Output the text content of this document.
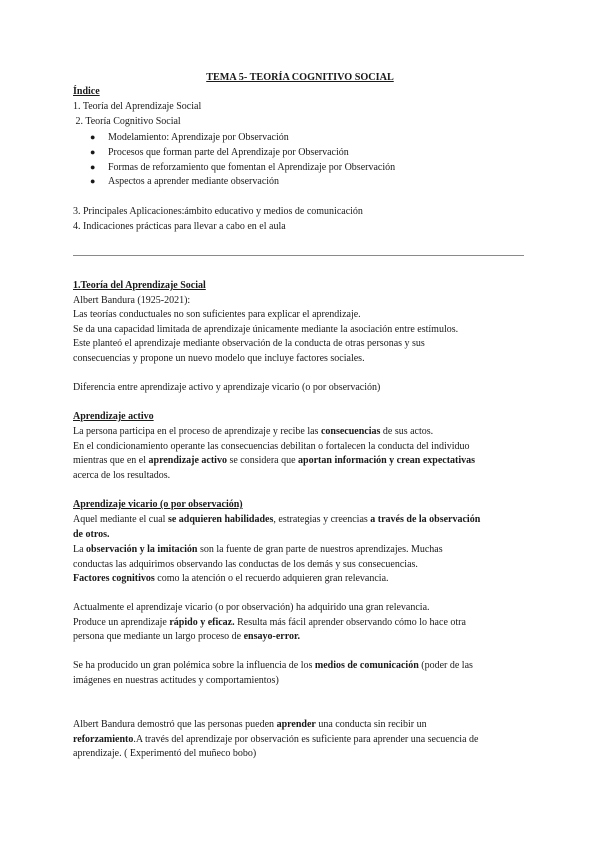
TEMA 5- TEORÍA COGNITIVO SOCIAL
Índice
1. Teoría del Aprendizaje Social
2. Teoría Cognitivo Social
● Modelamiento: Aprendizaje por Observación
● Procesos que forman parte del Aprendizaje por Observación
● Formas de reforzamiento que fomentan el Aprendizaje por Observación
● Aspectos a aprender mediante observación
3. Principales Aplicaciones:ámbito educativo y medios de comunicación
4. Indicaciones prácticas para llevar a cabo en el aula
1.Teoría del Aprendizaje Social
Albert Bandura (1925-2021):
Las teorías conductuales no son suficientes para explicar el aprendizaje.
Se da una capacidad limitada de aprendizaje únicamente mediante la asociación entre estímulos.
Este planteó el aprendizaje mediante observación de la conducta de otras personas y sus
consecuencias y propone un nuevo modelo que incluye factores sociales.
Diferencia entre aprendizaje activo y aprendizaje vicario (o por observación)
Aprendizaje activo
La persona participa en el proceso de aprendizaje y recibe las consecuencias de sus actos.
En el condicionamiento operante las consecuencias debilitan o fortalecen la conducta del individuo
mientras que en el aprendizaje activo se considera que aportan información y crean expectativas
acerca de los resultados.
Aprendizaje vicario (o por observación)
Aquel mediante el cual se adquieren habilidades, estrategias y creencias a través de la observación
de otros.
La observación y la imitación son la fuente de gran parte de nuestros aprendizajes. Muchas
conductas las adquirimos observando las conductas de los demás y sus consecuencias.
Factores cognitivos como la atención o el recuerdo adquieren gran relevancia.
Actualmente el aprendizaje vicario (o por observación) ha adquirido una gran relevancia.
Produce un aprendizaje rápido y eficaz. Resulta más fácil aprender observando cómo lo hace otra
persona que mediante un largo proceso de ensayo-error.
Se ha producido un gran polémica sobre la influencia de los medios de comunicación (poder de las
imágenes en nuestras actitudes y comportamientos)
Albert Bandura demostró que las personas pueden aprender una conducta sin recibir un
reforzamiento.A través del aprendizaje por observación es suficiente para aprender una secuencia de
aprendizaje. ( Experimentó del muñeco bobo)
